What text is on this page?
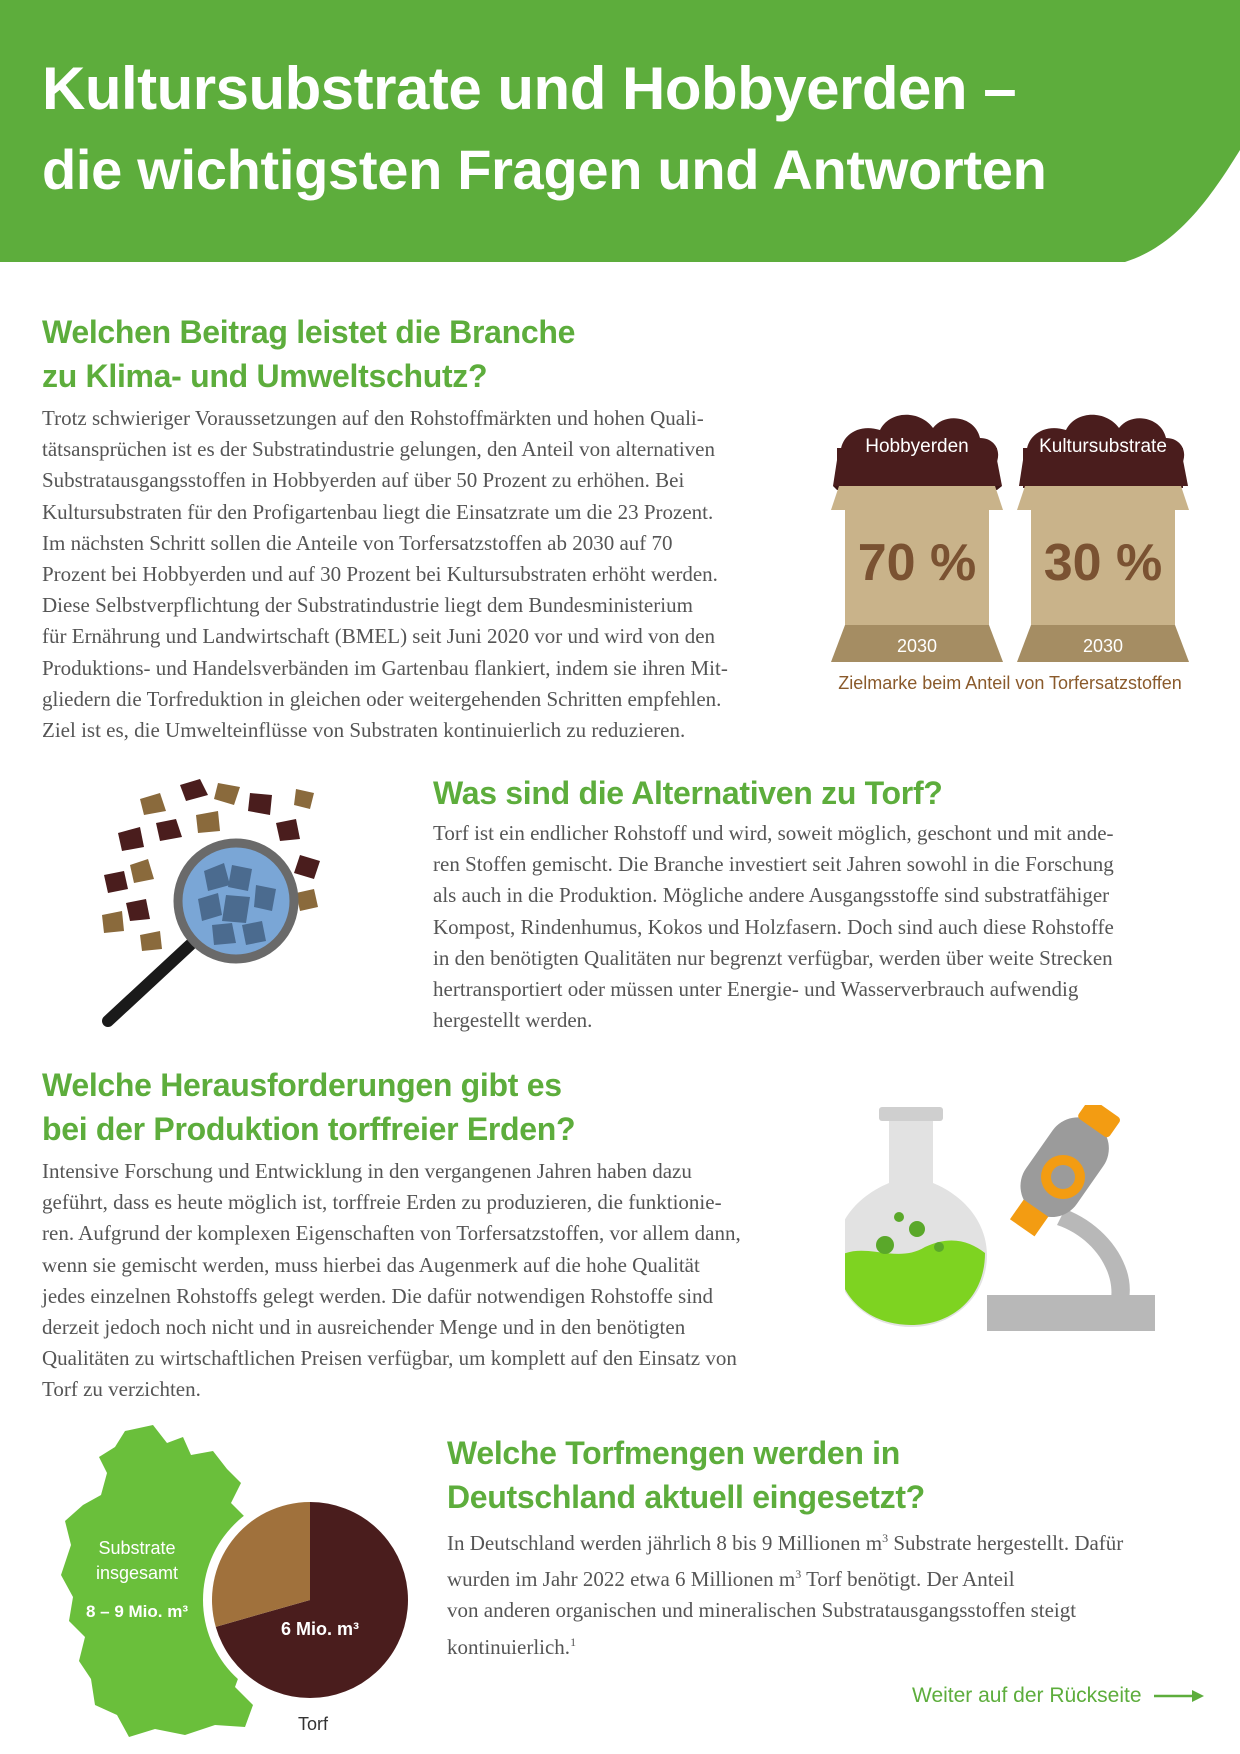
Kultursubstrate und Hobbyerden –
die wichtigsten Fragen und Antworten
Welchen Beitrag leistet die Branche
zu Klima- und Umweltschutz?
Trotz schwieriger Voraussetzungen auf den Rohstoffmärkten und hohen Quali-
tätsansprüchen ist es der Substratindustrie gelungen, den Anteil von alternativen
Substratausgangsstoffen in Hobbyerden auf über 50 Prozent zu erhöhen. Bei
Kultursubstraten für den Profigartenbau liegt die Einsatzrate um die 23 Prozent.
Im nächsten Schritt sollen die Anteile von Torfersatzstoffen ab 2030 auf 70
Prozent bei Hobbyerden und auf 30 Prozent bei Kultursubstraten erhöht werden.
Diese Selbstverpflichtung der Substratindustrie liegt dem Bundesministerium
für Ernährung und Landwirtschaft (BMEL) seit Juni 2020 vor und wird von den
Produktions- und Handelsverbänden im Gartenbau flankiert, indem sie ihren Mit-
gliedern die Torfreduktion in gleichen oder weitergehenden Schritten empfehlen.
Ziel ist es, die Umwelteinflüsse von Substraten kontinuierlich zu reduzieren.
Hobbyerden
70 %
2030
Kultursubstrate
30 %
2030
Zielmarke beim Anteil von Torfersatzstoffen
Was sind die Alternativen zu Torf?
Torf ist ein endlicher Rohstoff und wird, soweit möglich, geschont und mit ande-
ren Stoffen gemischt. Die Branche investiert seit Jahren sowohl in die Forschung
als auch in die Produktion. Mögliche andere Ausgangsstoffe sind substratfähiger
Kompost, Rindenhumus, Kokos und Holzfasern. Doch sind auch diese Rohstoffe
in den benötigten Qualitäten nur begrenzt verfügbar, werden über weite Strecken
hertransportiert oder müssen unter Energie- und Wasserverbrauch aufwendig
hergestellt werden.
Welche Herausforderungen gibt es
bei der Produktion torffreier Erden?
Intensive Forschung und Entwicklung in den vergangenen Jahren haben dazu
geführt, dass es heute möglich ist, torffreie Erden zu produzieren, die funktionie-
ren. Aufgrund der komplexen Eigenschaften von Torfersatzstoffen, vor allem dann,
wenn sie gemischt werden, muss hierbei das Augenmerk auf die hohe Qualität
jedes einzelnen Rohstoffs gelegt werden. Die dafür notwendigen Rohstoffe sind
derzeit jedoch noch nicht und in ausreichender Menge und in den benötigten
Qualitäten zu wirtschaftlichen Preisen verfügbar, um komplett auf den Einsatz von
Torf zu verzichten.
Substrate
insgesamt
8 – 9 Mio. m³
6 Mio. m³
Torf
Welche Torfmengen werden in
Deutschland aktuell eingesetzt?
In Deutschland werden jährlich 8 bis 9 Millionen $m^3$ Substrate hergestellt. Dafür
wurden im Jahr 2022 etwa 6 Millionen $m^3$ Torf benötigt. Der Anteil
von anderen organischen und mineralischen Substratausgangsstoffen steigt
kontinuierlich.$^1$
Weiter auf der Rückseite
